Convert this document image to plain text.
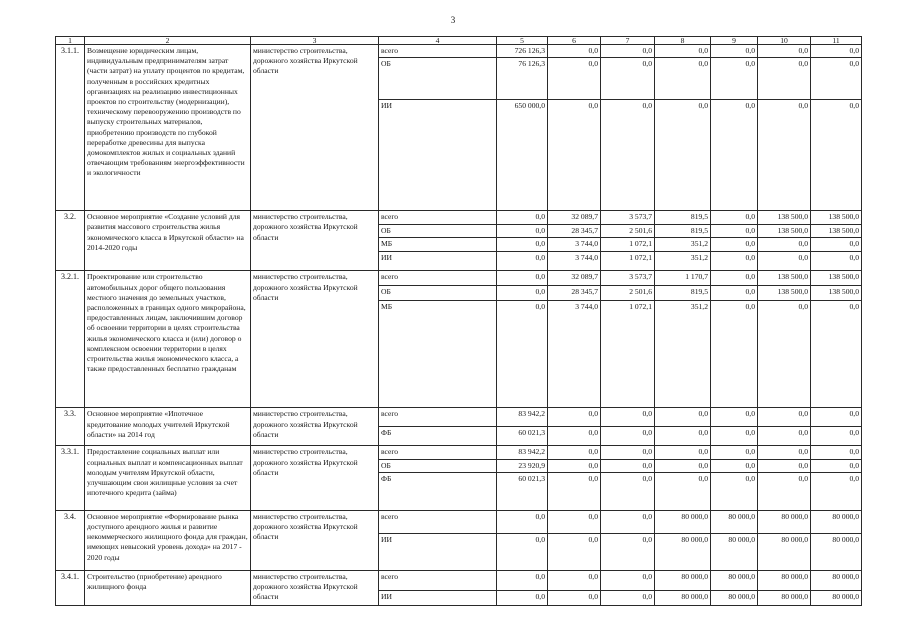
3
1	2	3	4	5	6	7	8	9	10	11
3.1.1.	Возмещение юридическим лицам, индивидуальным предпринимателям затрат (части затрат) на уплату процентов по кредитам, полученным в российских кредитных организациях на реализацию инвестиционных проектов по строительству (модернизации), техническому перевооружению производств по выпуску строительных материалов, приобретению производств по глубокой переработке древесины для выпуска домокомплектов жилых и социальных зданий отвечающим требованиям энергоэффективности и экологичности	министерство строительства, дорожного хозяйства Иркутской области	всего	726 126,3	0,0	0,0	0,0	0,0	0,0	0,0
			ОБ	76 126,3	0,0	0,0	0,0	0,0	0,0	0,0
			ИИ	650 000,0	0,0	0,0	0,0	0,0	0,0	0,0
3.2.	Основное мероприятие «Создание условий для развития массового строительства жилья экономического класса в Иркутской области» на 2014-2020 годы	министерство строительства, дорожного хозяйства Иркутской области	всего	0,0	32 089,7	3 573,7	819,5	0,0	138 500,0	138 500,0
			ОБ	0,0	28 345,7	2 501,6	819,5	0,0	138 500,0	138 500,0
			МБ	0,0	3 744,0	1 072,1	351,2	0,0	0,0	0,0
			ИИ	0,0	3 744,0	1 072,1	351,2	0,0	0,0	0,0
3.2.1.	Проектирование или строительство автомобильных дорог общего пользования местного значения до земельных участков, расположенных в границах одного микрорайона, предоставленных лицам, заключившим договор об освоении территории в целях строительства жилья экономического класса и (или) договор о комплексном освоении территории в целях строительства жилья экономического класса, а также предоставленных бесплатно гражданам	министерство строительства, дорожного хозяйства Иркутской области	всего	0,0	32 089,7	3 573,7	1 170,7	0,0	138 500,0	138 500,0
			ОБ	0,0	28 345,7	2 501,6	819,5	0,0	138 500,0	138 500,0
			МБ	0,0	3 744,0	1 072,1	351,2	0,0	0,0	0,0
3.3.	Основное мероприятие «Ипотечное кредитование молодых учителей Иркутской области» на 2014 год	министерство строительства, дорожного хозяйства Иркутской области	всего	83 942,2	0,0	0,0	0,0	0,0	0,0	0,0
			ФБ	60 021,3	0,0	0,0	0,0	0,0	0,0	0,0
3.3.1.	Предоставление социальных выплат или социальных выплат и компенсационных выплат молодым учителям Иркутской области, улучшающим свои жилищные условия за счет ипотечного кредита (займа)	министерство строительства, дорожного хозяйства Иркутской области	всего	83 942,2	0,0	0,0	0,0	0,0	0,0	0,0
			ОБ	23 920,9	0,0	0,0	0,0	0,0	0,0	0,0
			ФБ	60 021,3	0,0	0,0	0,0	0,0	0,0	0,0
3.4.	Основное мероприятие «Формирование рынка доступного арендного жилья и развитие некоммерческого жилищного фонда для граждан, имеющих невысокий уровень дохода» на 2017 - 2020 годы	министерство строительства, дорожного хозяйства Иркутской области	всего	0,0	0,0	0,0	80 000,0	80 000,0	80 000,0	80 000,0
			ИИ	0,0	0,0	0,0	80 000,0	80 000,0	80 000,0	80 000,0
3.4.1.	Строительство (приобретение) арендного жилищного фонда	министерство строительства, дорожного хозяйства Иркутской области	всего	0,0	0,0	0,0	80 000,0	80 000,0	80 000,0	80 000,0
			ИИ	0,0	0,0	0,0	80 000,0	80 000,0	80 000,0	80 000,0
